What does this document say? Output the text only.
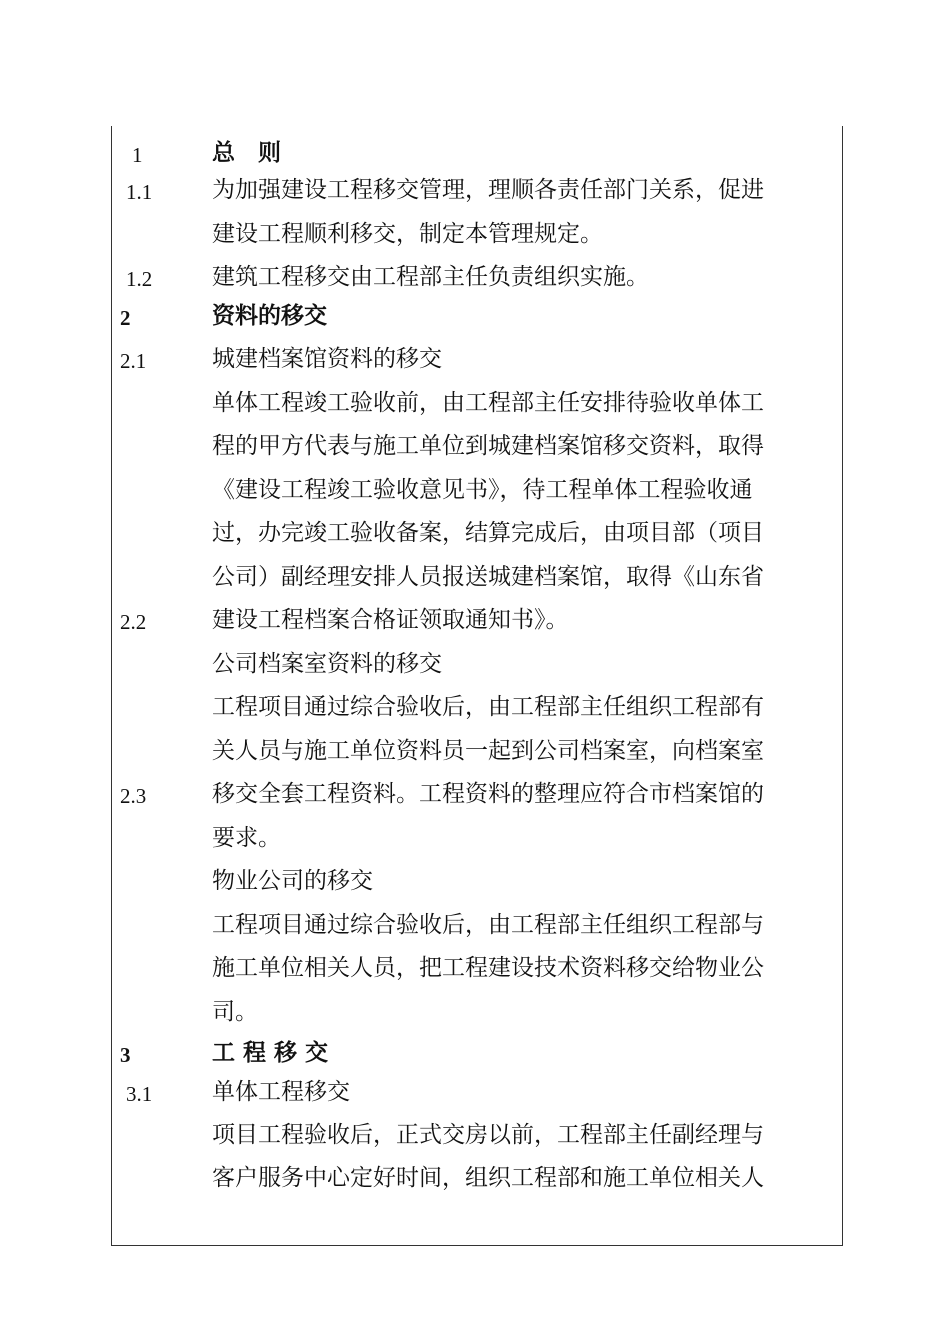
1	总　则
1.1	为加强建设工程移交管理，理顺各责任部门关系，促进
建设工程顺利移交，制定本管理规定。
1.2	建筑工程移交由工程部主任负责组织实施。
2	资料的移交
2.1	城建档案馆资料的移交
单体工程竣工验收前，由工程部主任安排待验收单体工
程的甲方代表与施工单位到城建档案馆移交资料，取得
《建设工程竣工验收意见书》，待工程单体工程验收通
过，办完竣工验收备案，结算完成后，由项目部（项目
公司）副经理安排人员报送城建档案馆，取得《山东省
2.2	建设工程档案合格证领取通知书》。
公司档案室资料的移交
工程项目通过综合验收后，由工程部主任组织工程部有
关人员与施工单位资料员一起到公司档案室，向档案室
2.3	移交全套工程资料。工程资料的整理应符合市档案馆的
要求。
物业公司的移交
工程项目通过综合验收后，由工程部主任组织工程部与
施工单位相关人员，把工程建设技术资料移交给物业公
司。
3	工 程 移 交
3.1	单体工程移交
项目工程验收后，正式交房以前，工程部主任副经理与
客户服务中心定好时间，组织工程部和施工单位相关人
